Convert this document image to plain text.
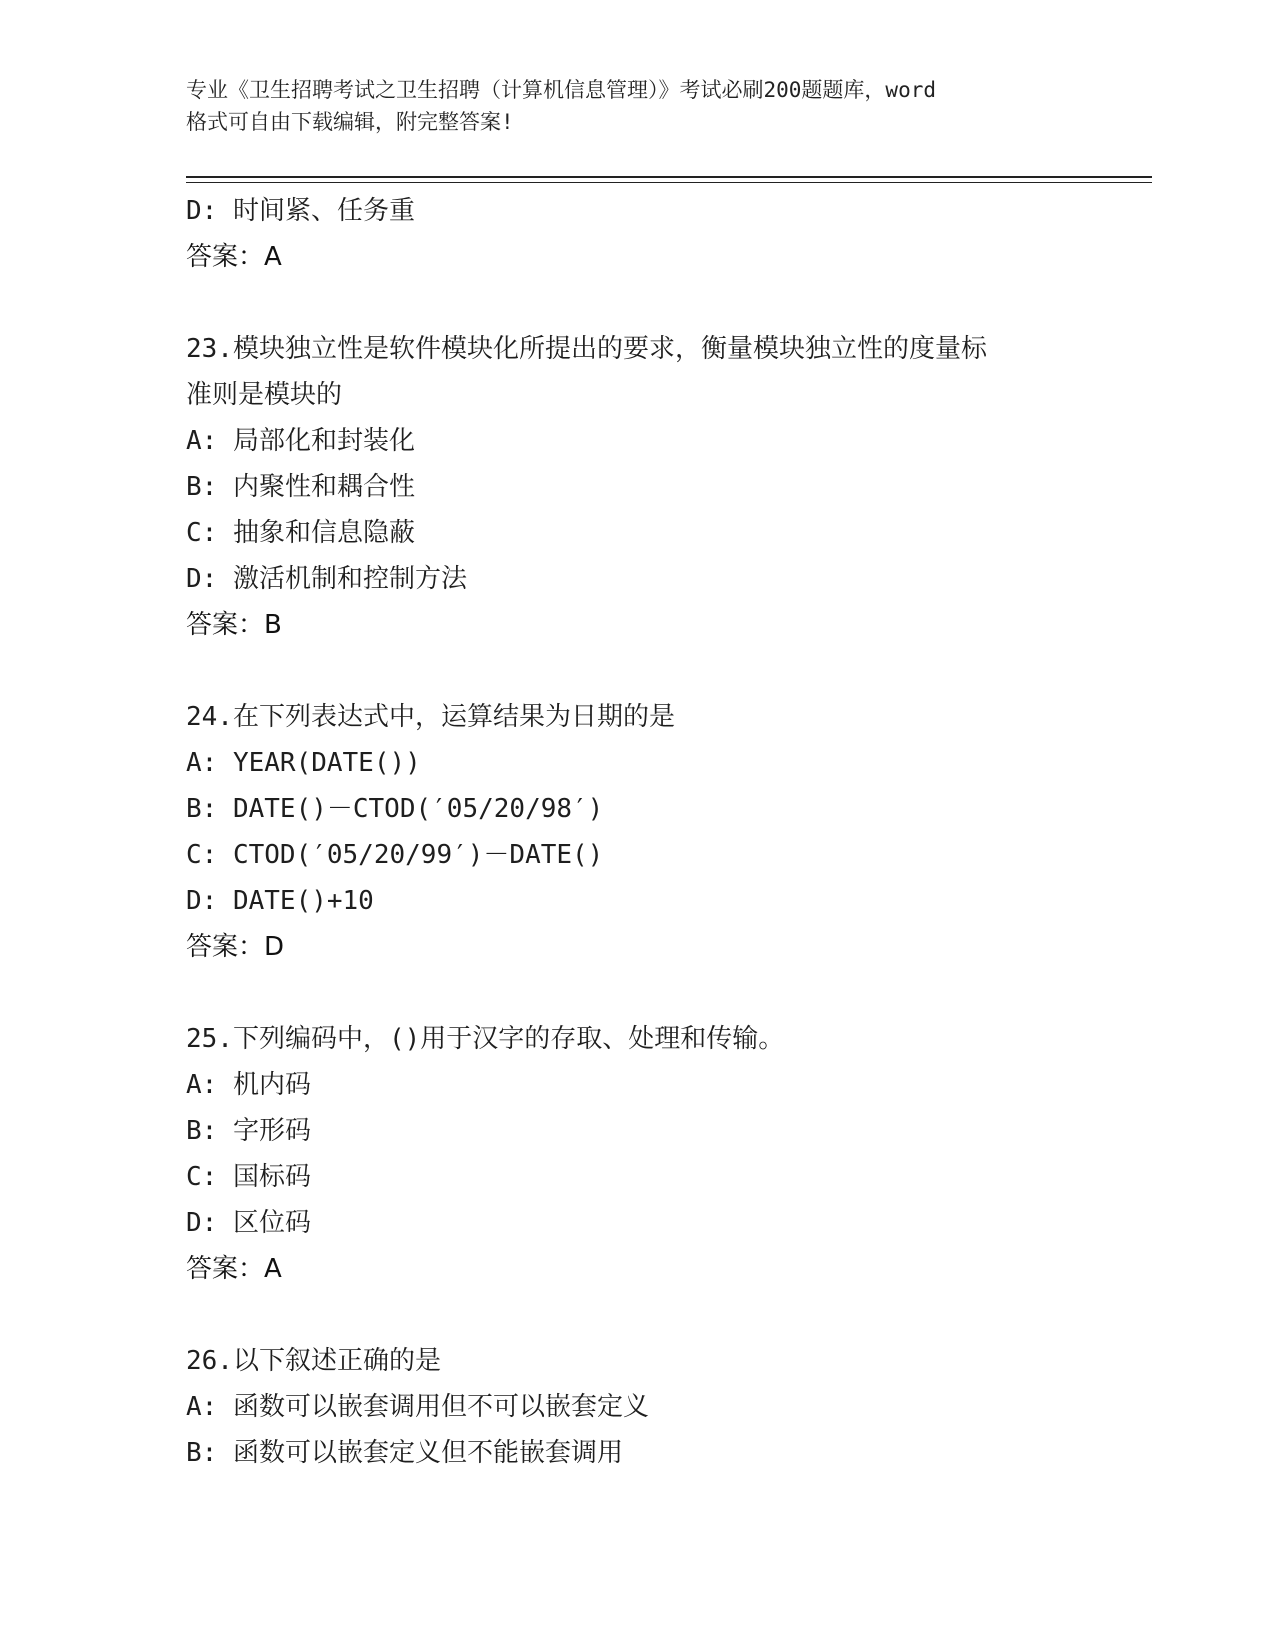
专业《卫生招聘考试之卫生招聘（计算机信息管理）》考试必刷200题题库，word
格式可自由下载编辑，附完整答案!
D: 时间紧、任务重
答案：A
23.模块独立性是软件模块化所提出的要求，衡量模块独立性的度量标
准则是模块的
A: 局部化和封装化
B: 内聚性和耦合性
C: 抽象和信息隐蔽
D: 激活机制和控制方法
答案：B
24.在下列表达式中，运算结果为日期的是
A: YEAR(DATE())
B: DATE()－CTOD(′05/20/98′)
C: CTOD(′05/20/99′)－DATE()
D: DATE()+10
答案：D
25.下列编码中，()用于汉字的存取、处理和传输。
A: 机内码
B: 字形码
C: 国标码
D: 区位码
答案：A
26.以下叙述正确的是
A: 函数可以嵌套调用但不可以嵌套定义
B: 函数可以嵌套定义但不能嵌套调用
